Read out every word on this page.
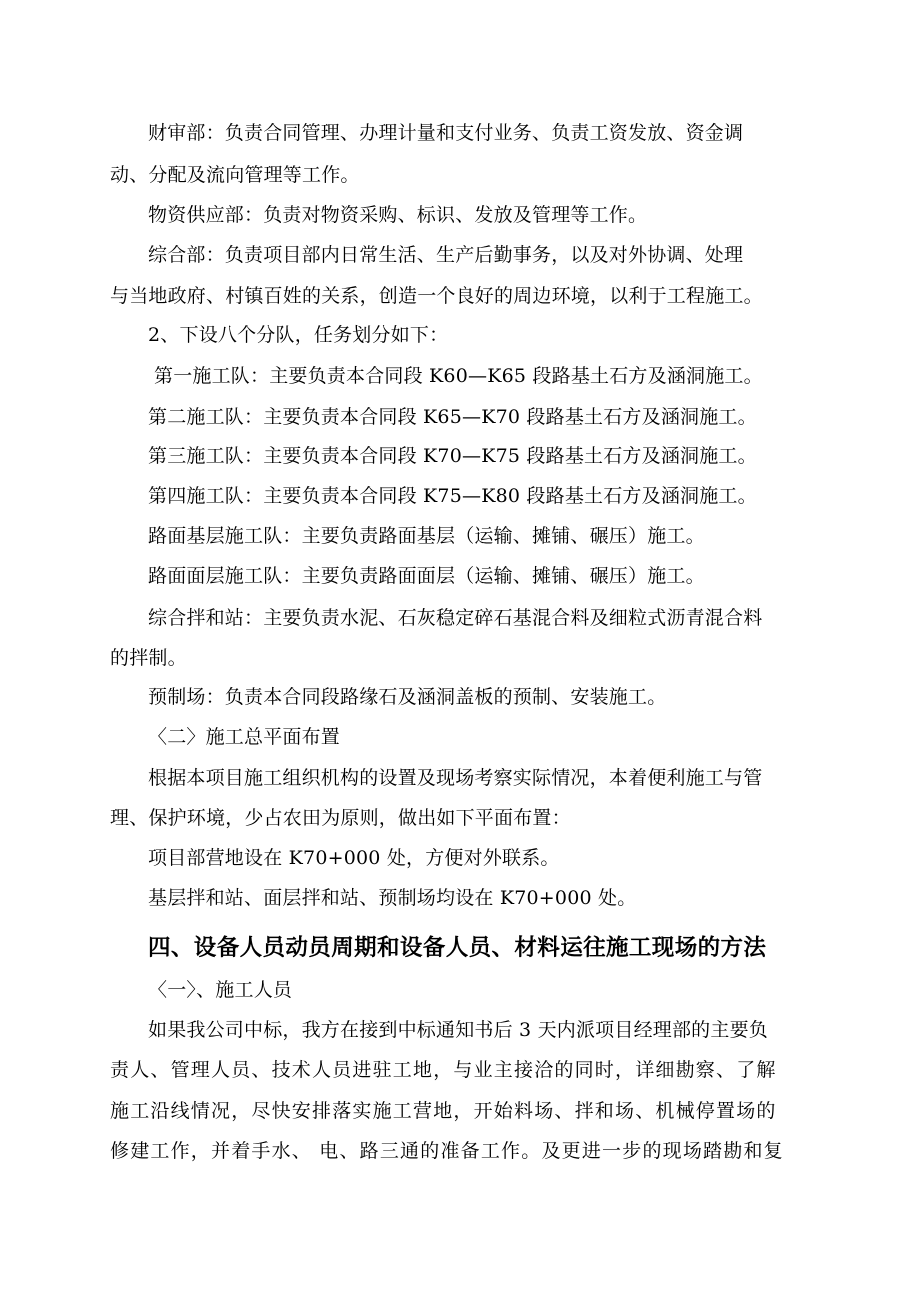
财审部：负责合同管理、办理计量和支付业务、负责工资发放、资金调
动、分配及流向管理等工作。
物资供应部：负责对物资采购、标识、发放及管理等工作。
综合部：负责项目部内日常生活、生产后勤事务，以及对外协调、处理
与当地政府、村镇百姓的关系，创造一个良好的周边环境，以利于工程施工。
2、下设八个分队，任务划分如下：
第一施工队：主要负责本合同段 K60—K65 段路基土石方及涵洞施工。
第二施工队：主要负责本合同段 K65—K70 段路基土石方及涵洞施工。
第三施工队：主要负责本合同段 K70—K75 段路基土石方及涵洞施工。
第四施工队：主要负责本合同段 K75—K80 段路基土石方及涵洞施工。
路面基层施工队：主要负责路面基层（运输、摊铺、碾压）施工。
路面面层施工队：主要负责路面面层（运输、摊铺、碾压）施工。
综合拌和站：主要负责水泥、石灰稳定碎石基混合料及细粒式沥青混合料
的拌制。
预制场：负责本合同段路缘石及涵洞盖板的预制、安装施工。
〈二〉施工总平面布置
根据本项目施工组织机构的设置及现场考察实际情况，本着便利施工与管
理、保护环境，少占农田为原则，做出如下平面布置：
项目部营地设在 K70+000 处，方便对外联系。
基层拌和站、面层拌和站、预制场均设在 K70+000 处。
四、设备人员动员周期和设备人员、材料运往施工现场的方法
〈一〉、施工人员
如果我公司中标，我方在接到中标通知书后 3 天内派项目经理部的主要负
责人、管理人员、技术人员进驻工地，与业主接洽的同时，详细勘察、了解
施工沿线情况，尽快安排落实施工营地，开始料场、拌和场、机械停置场的
修建工作，并着手水、 电、路三通的准备工作。及更进一步的现场踏勘和复
